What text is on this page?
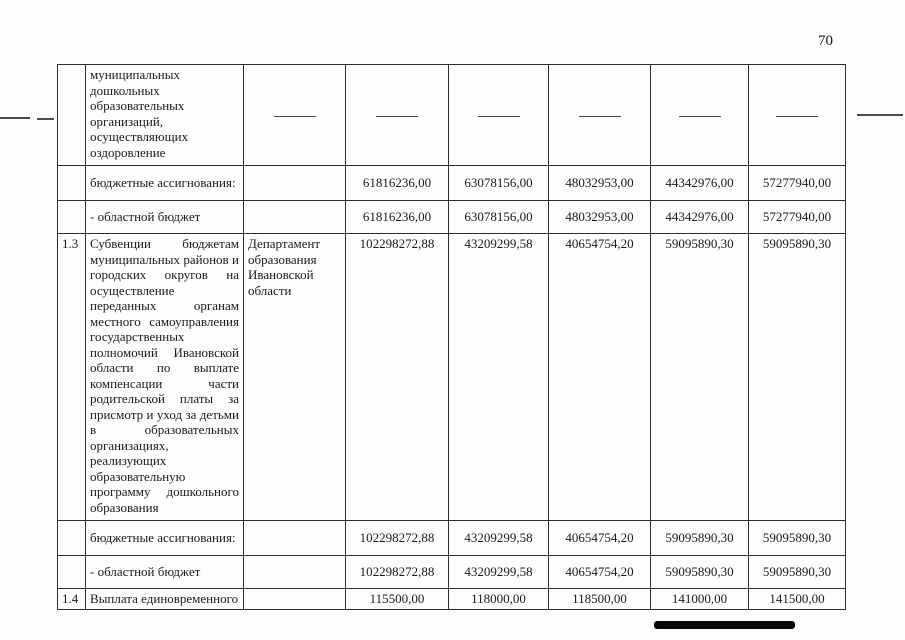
70
	муниципальных дошкольных образовательных организаций, осуществляющих оздоровление						
	бюджетные ассигнования:		61816236,00	63078156,00	48032953,00	44342976,00	57277940,00
	- областной бюджет		61816236,00	63078156,00	48032953,00	44342976,00	57277940,00
1.3	Субвенции бюджетам муниципальных районов и городских округов на осуществление переданных органам местного самоуправления государственных полномочий Ивановской области по выплате компенсации части родительской платы за присмотр и уход за детьми в образовательных организациях, реализующих образовательную программу дошкольного образования	Департамент образования Ивановской области	102298272,88	43209299,58	40654754,20	59095890,30	59095890,30
	бюджетные ассигнования:		102298272,88	43209299,58	40654754,20	59095890,30	59095890,30
	- областной бюджет		102298272,88	43209299,58	40654754,20	59095890,30	59095890,30
1.4	Выплата единовременного		115500,00	118000,00	118500,00	141000,00	141500,00
